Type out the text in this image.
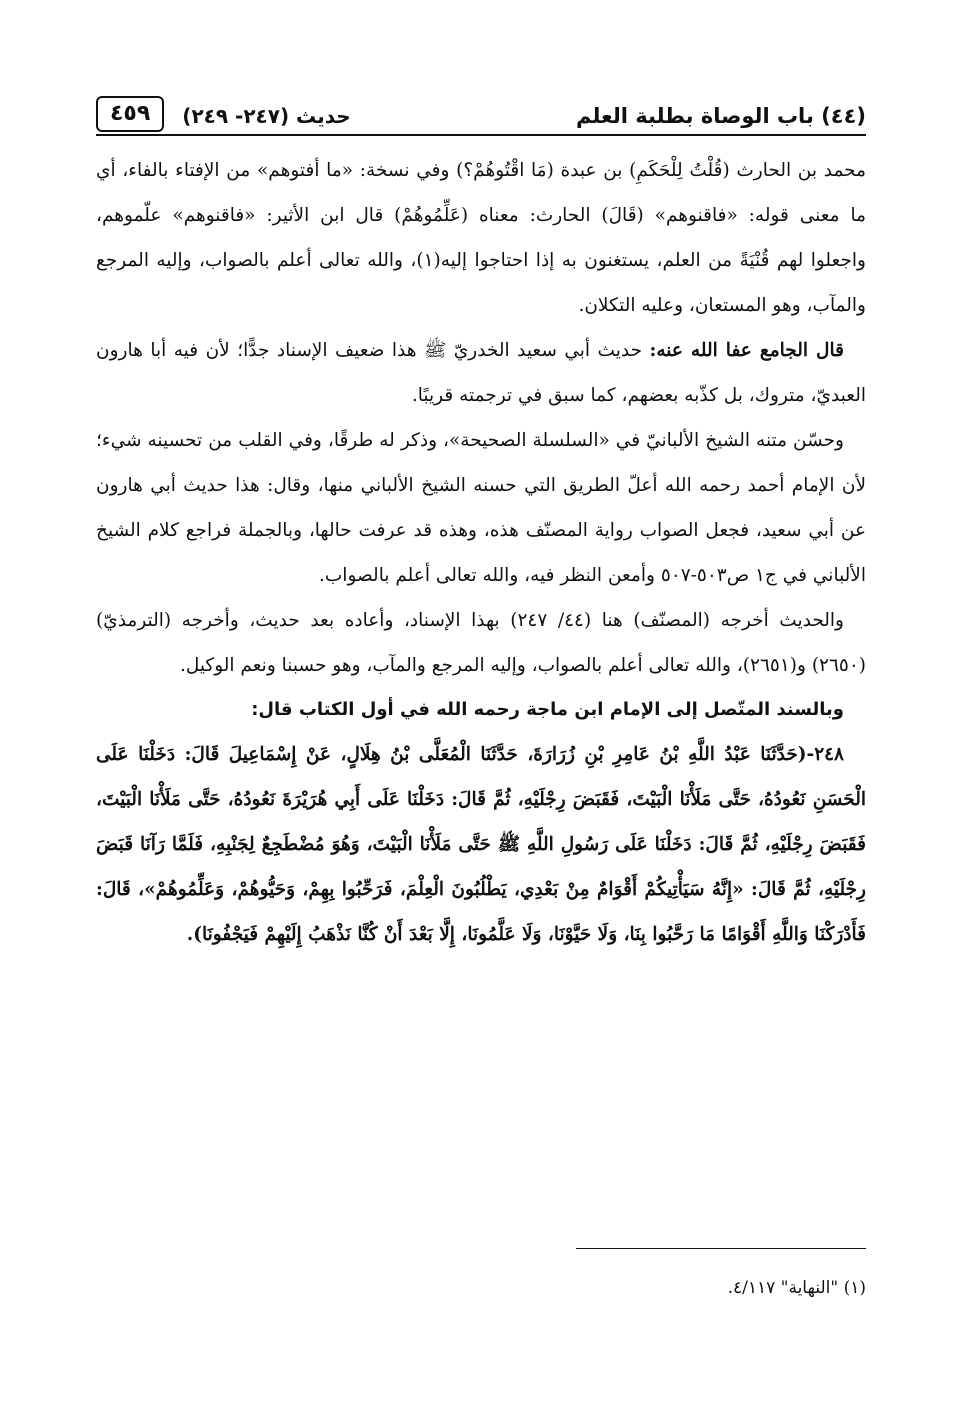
(٤٤) باب الوصاة بطلبة العلم
حديث (٢٤٧- ٢٤٩)
٤٥٩

محمد بن الحارث (قُلْتُ لِلْحَكَمِ) بن عبدة (مَا اقْتُوهُمْ؟) وفي نسخة: «ما أفتوهم» من الإفتاء بالفاء، أي ما معنى قوله: «فاقنوهم» (قَالَ) الحارث: معناه (عَلِّمُوهُمْ) قال ابن الأثير: «فاقنوهم» علّموهم، واجعلوا لهم قُنْيَةً من العلم، يستغنون به إذا احتاجوا إليه(١)، والله تعالى أعلم بالصواب، وإليه المرجع والمآب، وهو المستعان، وعليه التكلان.

قال الجامع عفا الله عنه: حديث أبي سعيد الخدريّ ﷺ هذا ضعيف الإسناد جدًّا؛ لأن فيه أبا هارون العبديّ، متروك، بل كذّبه بعضهم، كما سبق في ترجمته قريبًا.

وحسّن متنه الشيخ الألبانيّ في «السلسلة الصحيحة»، وذكر له طرقًا، وفي القلب من تحسينه شيء؛ لأن الإمام أحمد رحمه الله أعلّ الطريق التي حسنه الشيخ الألباني منها، وقال: هذا حديث أبي هارون عن أبي سعيد، فجعل الصواب رواية المصنّف هذه، وهذه قد عرفت حالها، وبالجملة فراجع كلام الشيخ الألباني في ج١ ص٥٠٣-٥٠٧ وأمعن النظر فيه، والله تعالى أعلم بالصواب.

والحديث أخرجه (المصنّف) هنا (٤٤/ ٢٤٧) بهذا الإسناد، وأعاده بعد حديث، وأخرجه (الترمذيّ) (٢٦٥٠) و(٢٦٥١)، والله تعالى أعلم بالصواب، وإليه المرجع والمآب، وهو حسبنا ونعم الوكيل.

وبالسند المتّصل إلى الإمام ابن ماجة رحمه الله في أول الكتاب قال:

٢٤٨-(حَدَّثَنَا عَبْدُ اللَّهِ بْنُ عَامِرِ بْنِ زُرَارَةَ، حَدَّثَنَا الْمُعَلَّى بْنُ هِلَالٍ، عَنْ إِسْمَاعِيلَ قَالَ: دَخَلْنَا عَلَى الْحَسَنِ نَعُودُهُ، حَتَّى مَلَأْنَا الْبَيْتَ، فَقَبَضَ رِجْلَيْهِ، ثُمَّ قَالَ: دَخَلْنَا عَلَى أَبِي هُرَيْرَةَ نَعُودُهُ، حَتَّى مَلَأْنَا الْبَيْتَ، فَقَبَضَ رِجْلَيْهِ، ثُمَّ قَالَ: دَخَلْنَا عَلَى رَسُولِ اللَّهِ ﷺ حَتَّى مَلَأْنَا الْبَيْتَ، وَهُوَ مُضْطَجِعٌ لِجَنْبِهِ، فَلَمَّا رَآنَا قَبَضَ رِجْلَيْهِ، ثُمَّ قَالَ: «إِنَّهُ سَيَأْتِيكُمْ أَقْوَامٌ مِنْ بَعْدِي، يَطْلُبُونَ الْعِلْمَ، فَرَحِّبُوا بِهِمْ، وَحَيُّوهُمْ، وَعَلِّمُوهُمْ»، قَالَ: فَأَدْرَكْنَا وَاللَّهِ أَقْوَامًا مَا رَحَّبُوا بِنَا، وَلَا حَيَّوْنَا، وَلَا عَلَّمُونَا، إِلَّا بَعْدَ أَنْ كُنَّا نَذْهَبُ إِلَيْهِمْ فَيَجْفُونَا).

(١) "النهاية" ٤/١١٧.
